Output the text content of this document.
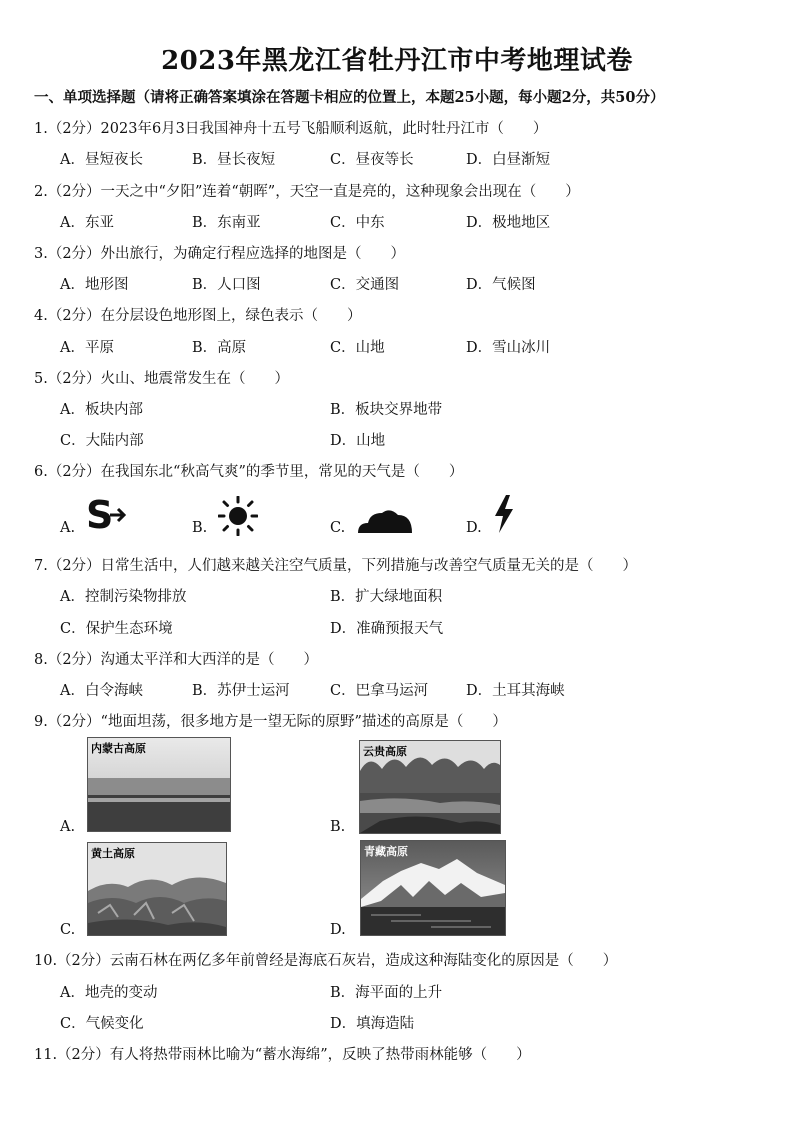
2023年黑龙江省牡丹江市中考地理试卷
一、单项选择题（请将正确答案填涂在答题卡相应的位置上，本题25小题，每小题2分，共50分）
1.（2分）2023年6月3日我国神舟十五号飞船顺利返航，此时牡丹江市（　　）
A．昼短夜长	B．昼长夜短	C．昼夜等长	D．白昼渐短
2.（2分）一天之中“夕阳”连着“朝晖”，天空一直是亮的，这种现象会出现在（　　）
A．东亚	B．东南亚	C．中东	D．极地地区
3.（2分）外出旅行，为确定行程应选择的地图是（　　）
A．地形图	B．人口图	C．交通图	D．气候图
4.（2分）在分层设色地形图上，绿色表示（　　）
A．平原	B．高原	C．山地	D．雪山冰川
5.（2分）火山、地震常发生在（　　）
A．板块内部	B．板块交界地带
C．大陆内部	D．山地
6.（2分）在我国东北“秋高气爽”的季节里，常见的天气是（　　）
A. S	B.	C.	D.
7.（2分）日常生活中，人们越来越关注空气质量，下列措施与改善空气质量无关的是（　　）
A．控制污染物排放	B．扩大绿地面积
C．保护生态环境	D．准确预报天气
8.（2分）沟通太平洋和大西洋的是（　　）
A．白令海峡	B．苏伊士运河	C．巴拿马运河	D．土耳其海峡
9.（2分）“地面坦荡，很多地方是一望无际的原野”描述的高原是（　　）
A.
内蒙古高原
B.
云贵高原
C.
黄土高原
D.
青藏高原
10.（2分）云南石林在两亿多年前曾经是海底石灰岩，造成这种海陆变化的原因是（　　）
A．地壳的变动	B．海平面的上升
C．气候变化	D．填海造陆
11.（2分）有人将热带雨林比喻为“蓄水海绵”，反映了热带雨林能够（　　）
